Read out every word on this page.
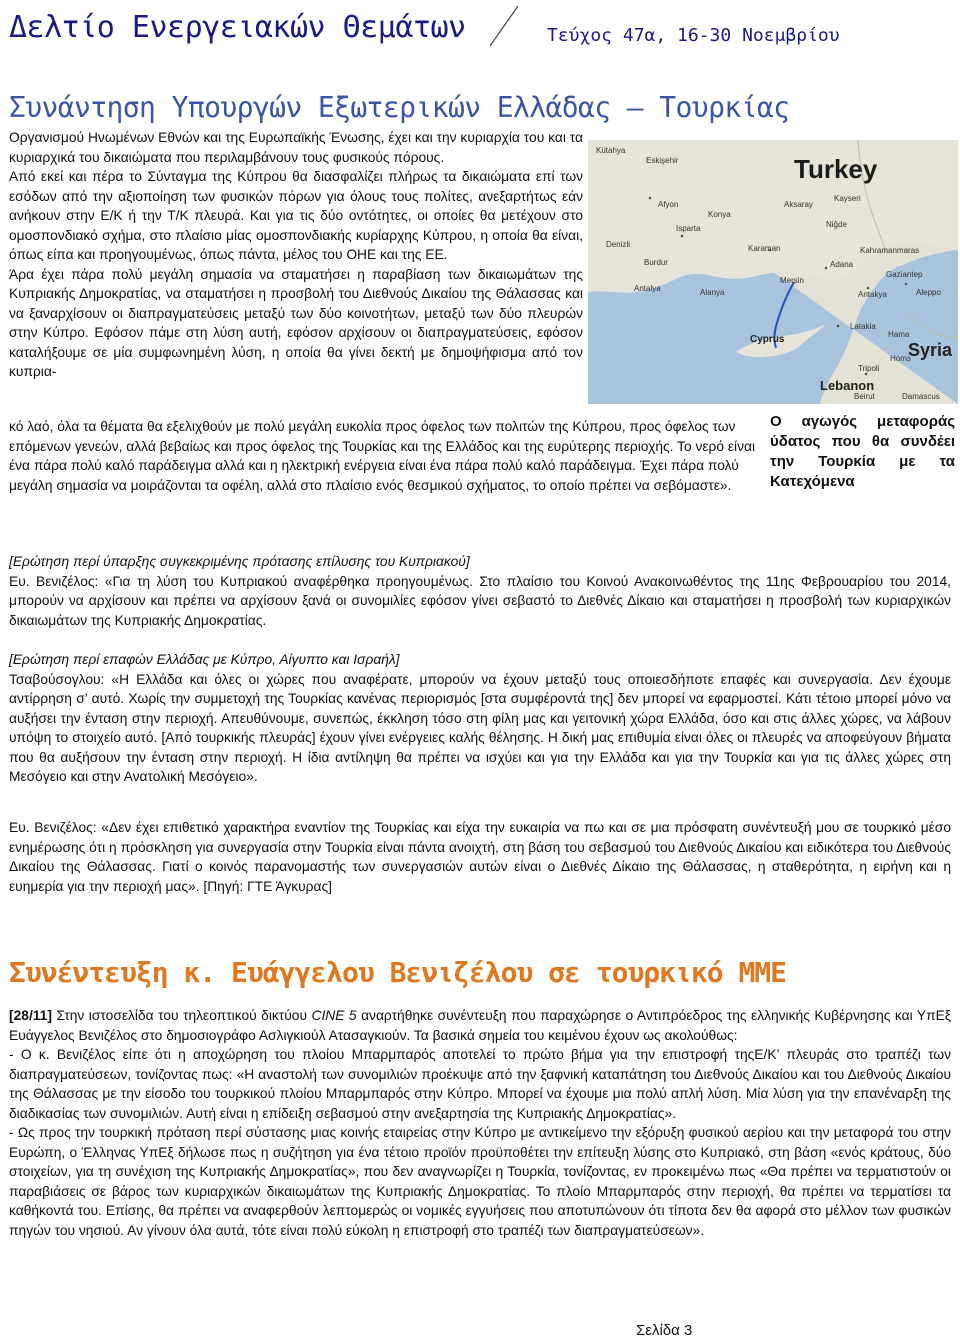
Δελτίο Ενεργειακών Θεμάτων	Τεύχος 47α, 16-30 Νοεμβρίου
Συνάντηση Υπουργών Εξωτερικών Ελλάδας – Τουρκίας

Οργανισμού Ηνωμένων Εθνών και της Ευρωπαϊκής Ένωσης, έχει και την κυριαρχία του και τα κυριαρχικά του δικαιώματα που περιλαμβάνουν τους φυσικούς πόρους.

Από εκεί και πέρα το Σύνταγμα της Κύπρου θα διασφαλίζει πλήρως τα δικαιώματα επί των εσόδων από την αξιοποίηση των φυσικών πόρων για όλους τους πολίτες, ανεξαρτήτως εάν ανήκουν στην Ε/Κ ή την Τ/Κ πλευρά. Και για τις δύο οντότητες, οι οποίες θα μετέχουν στο ομοσπονδιακό σχήμα, στο πλαίσιο μίας ομοσπονδιακής κυρίαρχης Κύπρου, η οποία θα είναι, όπως είπα και προηγουμένως, όπως πάντα, μέλος του ΟΗΕ και της ΕΕ.

Άρα έχει πάρα πολύ μεγάλη σημασία να σταματήσει η παραβίαση των δικαιωμάτων της Κυπριακής Δημοκρατίας, να σταματήσει η προσβολή του Διεθνούς Δικαίου της Θάλασσας και να ξαναρχίσουν οι διαπραγματεύσεις μεταξύ των δύο κοινοτήτων, μεταξύ των δύο πλευρών στην Κύπρο. Εφόσον πάμε στη λύση αυτή, εφόσον αρχίσουν οι διαπραγματεύσεις, εφόσον καταλήξουμε σε μία συμφωνημένη λύση, η οποία θα γίνει δεκτή με δημοψήφισμα από τον κυπρια-

Kütahya
Eskişehir	Turkey
Afyon
Denizli
Isparta
Burdur
Konya
Aksaray
Kayseri
Niğde
Karaman	Kahramanmaras
Adana
Gaziantep
Mersin
Alanya
Antalya
Antakya	Aleppo
Latakia
Hama
Syria
Homs
Cyprus
Tripoli
Lebanon
Beirut	Damascus

κό λαό, όλα τα θέματα θα εξελιχθούν με πολύ μεγάλη ευκολία προς όφελος των πολιτών της Κύπρου, προς όφελος των επόμενων γενεών, αλλά βεβαίως και προς όφελος της Τουρκίας και της Ελλάδος και της ευρύτερης περιοχής. Το νερό είναι ένα πάρα πολύ καλό παράδειγμα αλλά και η ηλεκτρική ενέργεια είναι ένα πάρα πολύ καλό παράδειγμα. Έχει πάρα πολύ μεγάλη σημασία να μοιράζονται τα οφέλη, αλλά στο πλαίσιο ενός θεσμικού σχήματος, το οποίο πρέπει να σεβόμαστε».

Ο αγωγός μεταφοράς ύδατος που θα συνδέει την Τουρκία με τα Κατεχόμενα

[Ερώτηση περί ύπαρξης συγκεκριμένης πρότασης επίλυσης του Κυπριακού]

Ευ. Βενιζέλος: «Για τη λύση του Κυπριακού αναφέρθηκα προηγουμένως. Στο πλαίσιο του Κοινού Ανακοινωθέντος της 11ης Φεβρουαρίου του 2014, μπορούν να αρχίσουν και πρέπει να αρχίσουν ξανά οι συνομιλίες εφόσον γίνει σεβαστό το Διεθνές Δίκαιο και σταματήσει η προσβολή των κυριαρχικών δικαιωμάτων της Κυπριακής Δημοκρατίας.

[Ερώτηση περί επαφών Ελλάδας με Κύπρο, Αίγυπτο και Ισραήλ]

Τσαβούσογλου: «Η Ελλάδα και όλες οι χώρες που αναφέρατε, μπορούν να έχουν μεταξύ τους οποιεσδήποτε επαφές και συνεργασία. Δεν έχουμε αντίρρηση σ’ αυτό. Χωρίς την συμμετοχή της Τουρκίας κανένας περιορισμός [στα συμφέροντά της] δεν μπορεί να εφαρμοστεί. Κάτι τέτοιο μπορεί μόνο να αυξήσει την ένταση στην περιοχή. Απευθύνουμε, συνεπώς, έκκληση τόσο στη φίλη μας και γειτονική χώρα Ελλάδα, όσο και στις άλλες χώρες, να λάβουν υπόψη το στοιχείο αυτό. [Από τουρκικής πλευράς] έχουν γίνει ενέργειες καλής θέλησης. Η δική μας επιθυμία είναι όλες οι πλευρές να αποφεύγουν βήματα που θα αυξήσουν την ένταση στην περιοχή. Η ίδια αντίληψη θα πρέπει να ισχύει και για την Ελλάδα και για την Τουρκία και για τις άλλες χώρες στη Μεσόγειο και στην Ανατολική Μεσόγειο».

Ευ. Βενιζέλος: «Δεν έχει επιθετικό χαρακτήρα εναντίον της Τουρκίας και είχα την ευκαιρία να πω και σε μια πρόσφατη συνέντευξή μου σε τουρκικό μέσο ενημέρωσης ότι η πρόσκληση για συνεργασία στην Τουρκία είναι πάντα ανοιχτή, στη βάση του σεβασμού του Διεθνούς Δικαίου και ειδικότερα του Διεθνούς Δικαίου της Θάλασσας. Γιατί ο κοινός παρανομαστής των συνεργασιών αυτών είναι ο Διεθνές Δίκαιο της Θάλασσας, η σταθερότητα, η ειρήνη και η ευημερία για την περιοχή μας». [Πηγή: ΓΤΕ Άγκυρας]

Συνέντευξη κ. Ευάγγελου Βενιζέλου σε τουρκικό ΜΜΕ

[28/11] Στην ιστοσελίδα του τηλεοπτικού δικτύου CINE 5 αναρτήθηκε συνέντευξη που παραχώρησε ο Αντιπρόεδρος της ελληνικής Κυβέρνησης και ΥπΕξ Ευάγγελος Βενιζέλος στο δημοσιογράφο Ασλιγκιούλ Ατασαγκιούν. Τα βασικά σημεία του κειμένου έχουν ως ακολούθως:

- Ο κ. Βενιζέλος είπε ότι η αποχώρηση του πλοίου Μπαρμπαρός αποτελεί το πρώτο βήμα για την επιστροφή τηςΕ/Κ’ πλευράς στο τραπέζι των διαπραγματεύσεων, τονίζοντας πως: «Η αναστολή των συνομιλιών προέκυψε από την ξαφνική καταπάτηση του Διεθνούς Δικαίου και του Διεθνούς Δικαίου της Θάλασσας με την είσοδο του τουρκικού πλοίου Μπαρμπαρός στην Κύπρο. Μπορεί να έχουμε μια πολύ απλή λύση. Μία λύση για την επανέναρξη της διαδικασίας των συνομιλιών. Αυτή είναι η επίδειξη σεβασμού στην ανεξαρτησία της Κυπριακής Δημοκρατίας».

- Ως προς την τουρκική πρόταση περί σύστασης μιας κοινής εταιρείας στην Κύπρο με αντικείμενο την εξόρυξη φυσικού αερίου και την μεταφορά του στην Ευρώπη, ο Έλληνας ΥπΕξ δήλωσε πως η συζήτηση για ένα τέτοιο προϊόν προϋποθέτει την επίτευξη λύσης στο Κυπριακό, στη βάση «ενός κράτους, δύο στοιχείων, για τη συνέχιση της Κυπριακής Δημοκρατίας», που δεν αναγνωρίζει η Τουρκία, τονίζοντας, εν προκειμένω πως «Θα πρέπει να τερματιστούν οι παραβιάσεις σε βάρος των κυριαρχικών δικαιωμάτων της Κυπριακής Δημοκρατίας. Το πλοίο Μπαρμπαρός στην περιοχή, θα πρέπει να τερματίσει τα καθήκοντά του. Επίσης, θα πρέπει να αναφερθούν λεπτομερώς οι νομικές εγγυήσεις που αποτυπώνουν ότι τίποτα δεν θα αφορά στο μέλλον των φυσικών πηγών του νησιού. Αν γίνουν όλα αυτά, τότε είναι πολύ εύκολη η επιστροφή στο τραπέζι των διαπραγματεύσεων».

Σελίδα 3
